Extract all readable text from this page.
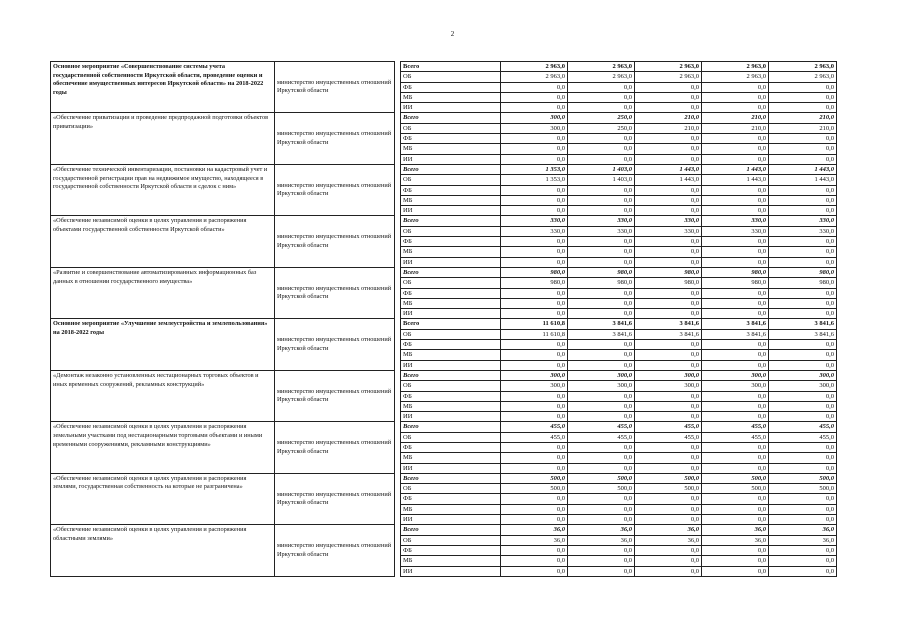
2
Основное мероприятие «Совершенствование системы учета государственной собственности Иркутской области, проведение оценки и обеспечение имущественных интересов Иркутской области» на 2018-2022 годы	министерство имущественных отношений Иркутской области		Всего	2 963,0	2 963,0	2 963,0	2 963,0	2 963,0
			ОБ	2 963,0	2 963,0	2 963,0	2 963,0	2 963,0
			ФБ	0,0	0,0	0,0	0,0	0,0
			МБ	0,0	0,0	0,0	0,0	0,0
			ИИ	0,0	0,0	0,0	0,0	0,0
«Обеспечение приватизации и проведение предпродажной подготовки объектов приватизации»	министерство имущественных отношений Иркутской области		Всего	300,0	250,0	210,0	210,0	210,0
			ОБ	300,0	250,0	210,0	210,0	210,0
			ФБ	0,0	0,0	0,0	0,0	0,0
			МБ	0,0	0,0	0,0	0,0	0,0
			ИИ	0,0	0,0	0,0	0,0	0,0
«Обеспечение технической инвентаризации, постановки на кадастровый учет и государственной регистрации прав на недвижимое имущество, находящееся в государственной собственности Иркутской области и сделок с ним»	министерство имущественных отношений Иркутской области		Всего	1 353,0	1 403,0	1 443,0	1 443,0	1 443,0
			ОБ	1 353,0	1 403,0	1 443,0	1 443,0	1 443,0
			ФБ	0,0	0,0	0,0	0,0	0,0
			МБ	0,0	0,0	0,0	0,0	0,0
			ИИ	0,0	0,0	0,0	0,0	0,0
«Обеспечение независимой оценки в целях управления и распоряжения объектами государственной собственности Иркутской области»	министерство имущественных отношений Иркутской области		Всего	330,0	330,0	330,0	330,0	330,0
			ОБ	330,0	330,0	330,0	330,0	330,0
			ФБ	0,0	0,0	0,0	0,0	0,0
			МБ	0,0	0,0	0,0	0,0	0,0
			ИИ	0,0	0,0	0,0	0,0	0,0
«Развитие и совершенствование автоматизированных информационных баз данных в отношении государственного имущества»	министерство имущественных отношений Иркутской области		Всего	980,0	980,0	980,0	980,0	980,0
			ОБ	980,0	980,0	980,0	980,0	980,0
			ФБ	0,0	0,0	0,0	0,0	0,0
			МБ	0,0	0,0	0,0	0,0	0,0
			ИИ	0,0	0,0	0,0	0,0	0,0
Основное мероприятие «Улучшение землеустройства и землепользования» на 2018-2022 годы	министерство имущественных отношений Иркутской области		Всего	11 610,8	3 841,6	3 841,6	3 841,6	3 841,6
			ОБ	11 610,8	3 841,6	3 841,6	3 841,6	3 841,6
			ФБ	0,0	0,0	0,0	0,0	0,0
			МБ	0,0	0,0	0,0	0,0	0,0
			ИИ	0,0	0,0	0,0	0,0	0,0
«Демонтаж незаконно установленных нестационарных торговых объектов и иных временных сооружений, рекламных конструкций»	министерство имущественных отношений Иркутской области		Всего	300,0	300,0	300,0	300,0	300,0
			ОБ	300,0	300,0	300,0	300,0	300,0
			ФБ	0,0	0,0	0,0	0,0	0,0
			МБ	0,0	0,0	0,0	0,0	0,0
			ИИ	0,0	0,0	0,0	0,0	0,0
«Обеспечение независимой оценки в целях управления и распоряжения земельными участками под нестационарными торговыми объектами и иными временными сооружениями, рекламными конструкциями»	министерство имущественных отношений Иркутской области		Всего	455,0	455,0	455,0	455,0	455,0
			ОБ	455,0	455,0	455,0	455,0	455,0
			ФБ	0,0	0,0	0,0	0,0	0,0
			МБ	0,0	0,0	0,0	0,0	0,0
			ИИ	0,0	0,0	0,0	0,0	0,0
«Обеспечение независимой оценки в целях управления и распоряжения землями, государственная собственность на которые не разграничена»	министерство имущественных отношений Иркутской области		Всего	500,0	500,0	500,0	500,0	500,0
			ОБ	500,0	500,0	500,0	500,0	500,0
			ФБ	0,0	0,0	0,0	0,0	0,0
			МБ	0,0	0,0	0,0	0,0	0,0
			ИИ	0,0	0,0	0,0	0,0	0,0
«Обеспечение независимой оценки в целях управления и распоряжения областными землями»	министерство имущественных отношений Иркутской области		Всего	36,0	36,0	36,0	36,0	36,0
			ОБ	36,0	36,0	36,0	36,0	36,0
			ФБ	0,0	0,0	0,0	0,0	0,0
			МБ	0,0	0,0	0,0	0,0	0,0
			ИИ	0,0	0,0	0,0	0,0	0,0
